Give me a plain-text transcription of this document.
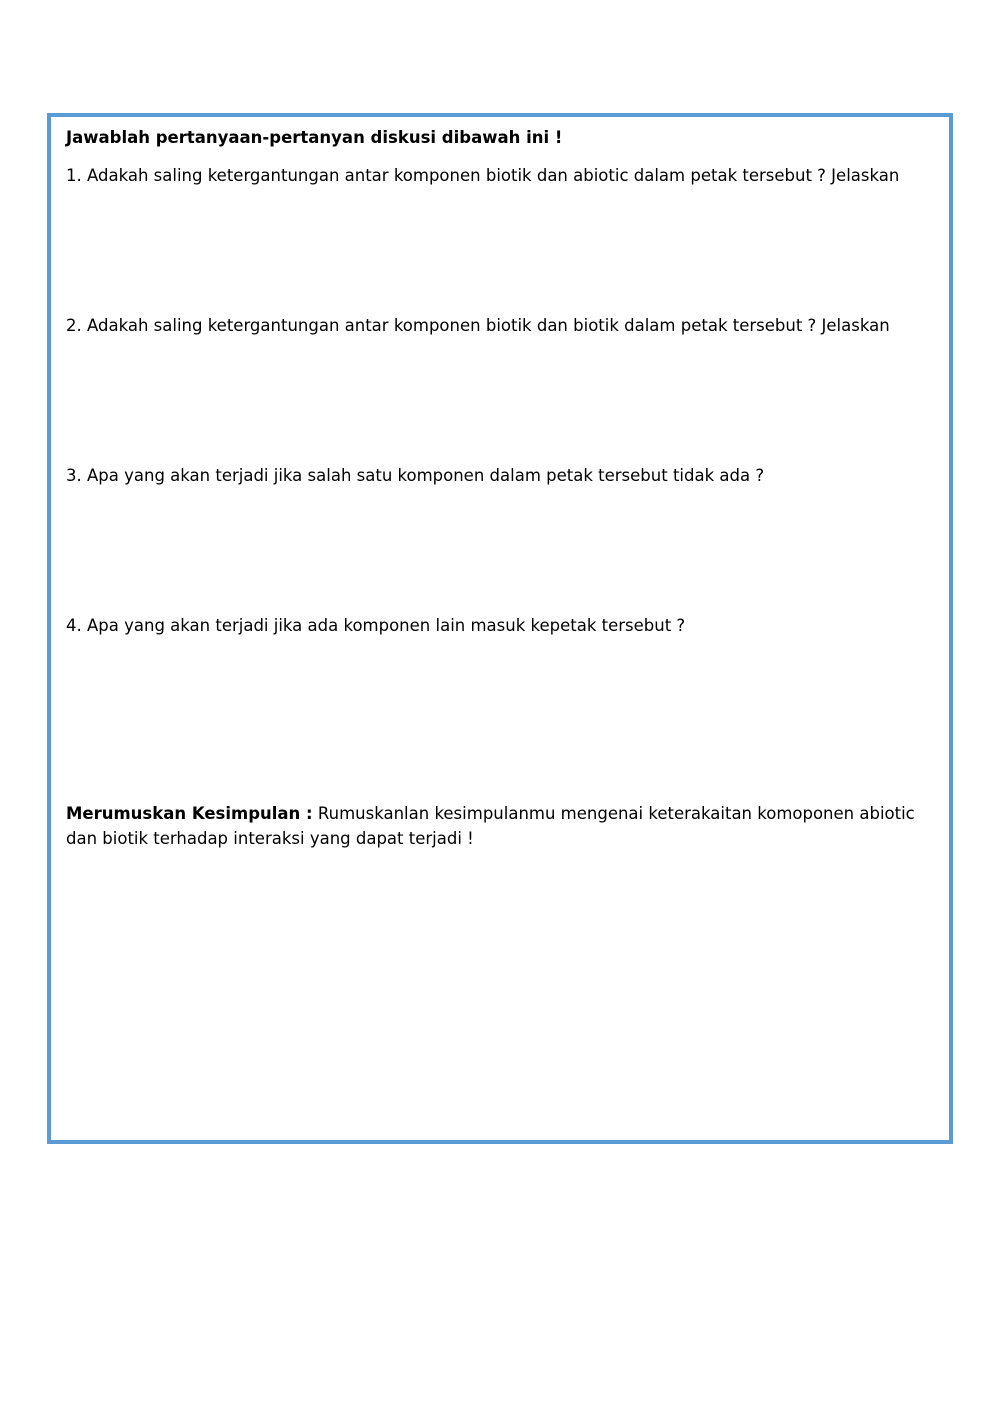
Jawablah pertanyaan-pertanyan diskusi dibawah ini !

1. Adakah saling ketergantungan antar komponen biotik dan abiotic dalam petak tersebut ? Jelaskan

2. Adakah saling ketergantungan antar komponen biotik dan biotik dalam petak tersebut ? Jelaskan

3. Apa yang akan terjadi jika salah satu komponen dalam petak tersebut tidak ada ?

4. Apa yang akan terjadi jika ada komponen lain masuk kepetak tersebut ?

Merumuskan Kesimpulan : Rumuskanlan kesimpulanmu mengenai keterakaitan komoponen abiotic dan biotik terhadap interaksi yang dapat terjadi !
